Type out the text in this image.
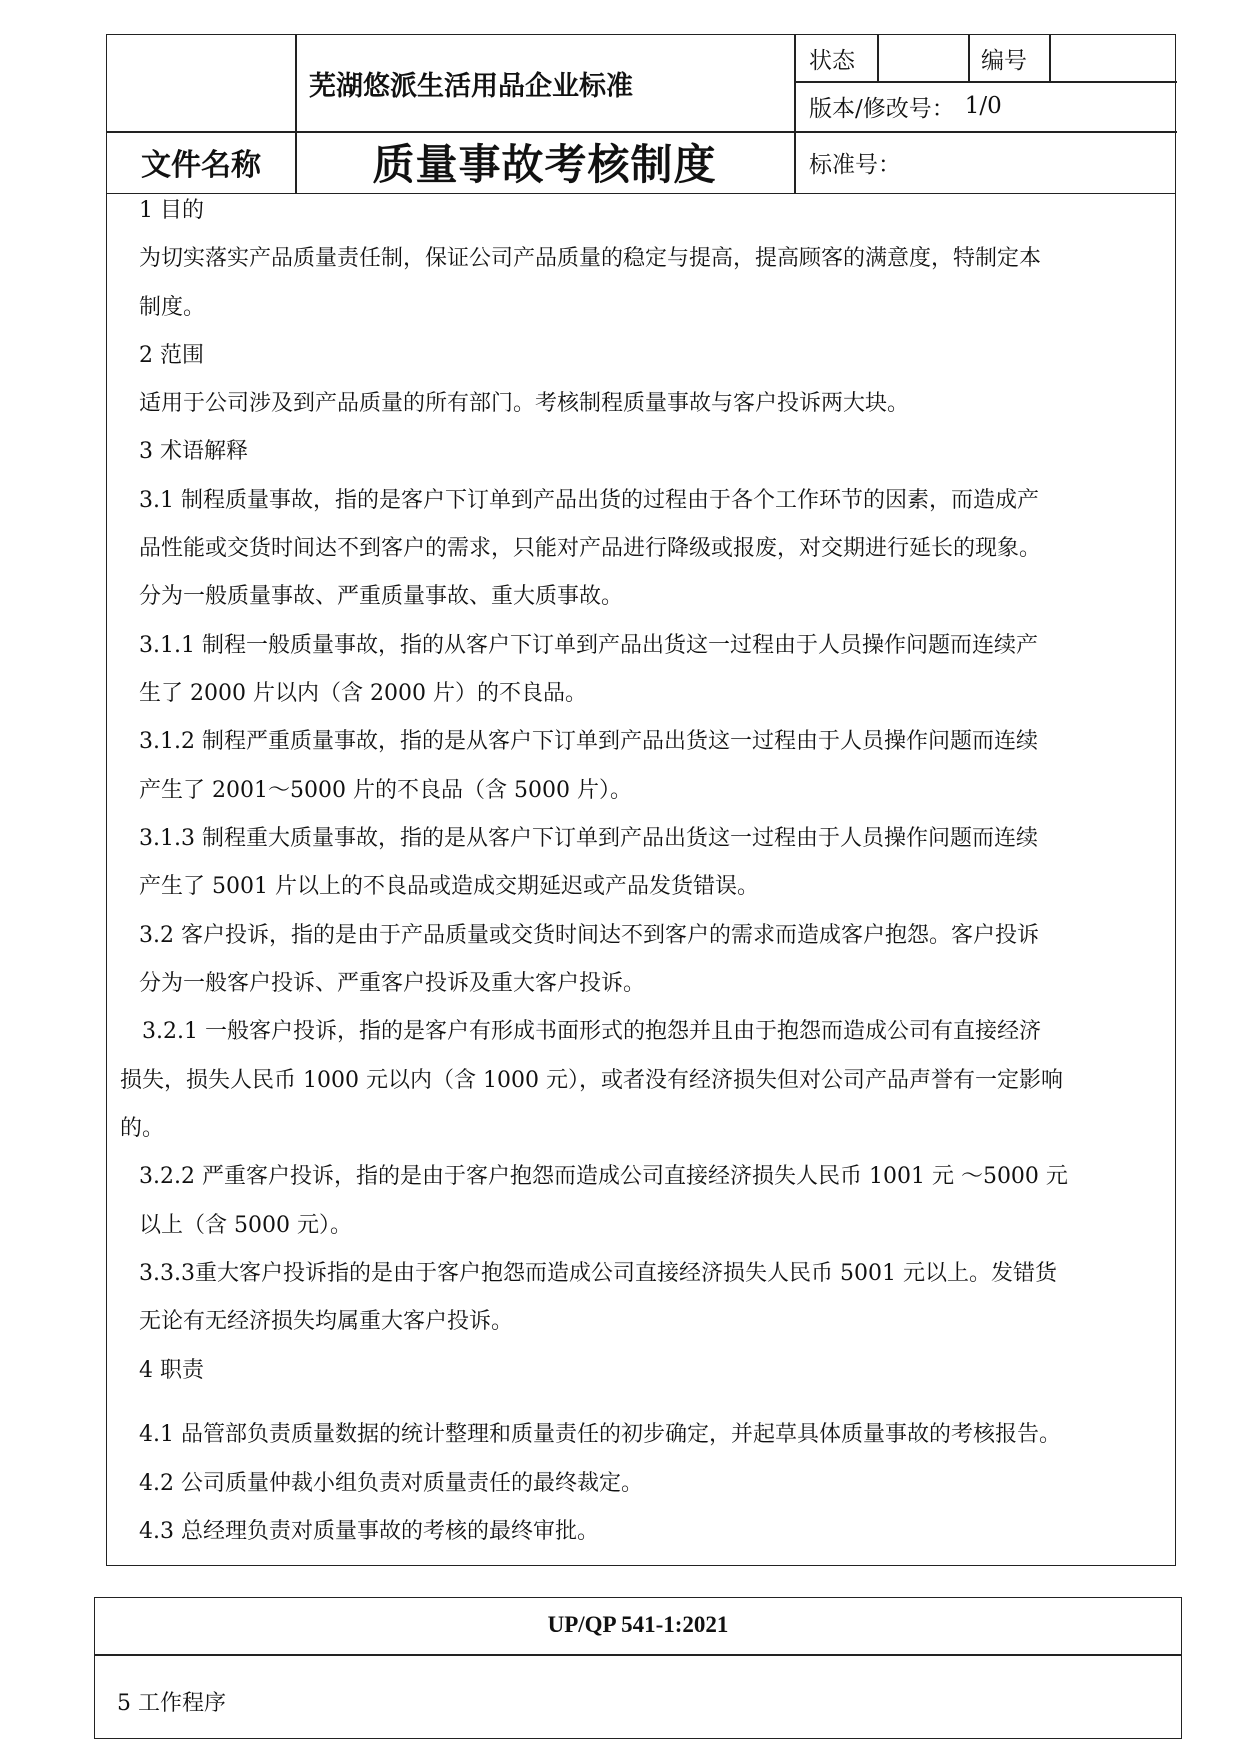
芜湖悠派生活用品企业标准
状态	编号
版本/修改号： 1/0
文件名称	质量事故考核制度	标准号：
1 目的
为切实落实产品质量责任制，保证公司产品质量的稳定与提高，提高顾客的满意度，特制定本
制度。
2 范围
适用于公司涉及到产品质量的所有部门。考核制程质量事故与客户投诉两大块。
3 术语解释
3.1 制程质量事故，指的是客户下订单到产品出货的过程由于各个工作环节的因素，而造成产
品性能或交货时间达不到客户的需求，只能对产品进行降级或报废，对交期进行延长的现象。
分为一般质量事故、严重质量事故、重大质事故。
3.1.1 制程一般质量事故，指的从客户下订单到产品出货这一过程由于人员操作问题而连续产
生了 2000 片以内（含 2000 片）的不良品。
3.1.2 制程严重质量事故，指的是从客户下订单到产品出货这一过程由于人员操作问题而连续
产生了 2001～5000 片的不良品（含 5000 片）。
3.1.3 制程重大质量事故，指的是从客户下订单到产品出货这一过程由于人员操作问题而连续
产生了 5001 片以上的不良品或造成交期延迟或产品发货错误。
3.2 客户投诉，指的是由于产品质量或交货时间达不到客户的需求而造成客户抱怨。客户投诉
分为一般客户投诉、严重客户投诉及重大客户投诉。
3.2.1 一般客户投诉，指的是客户有形成书面形式的抱怨并且由于抱怨而造成公司有直接经济
损失，损失人民币 1000 元以内（含 1000 元），或者没有经济损失但对公司产品声誉有一定影响
的。
3.2.2 严重客户投诉，指的是由于客户抱怨而造成公司直接经济损失人民币 1001 元 ～5000 元
以上（含 5000 元）。
3.3.3重大客户投诉指的是由于客户抱怨而造成公司直接经济损失人民币 5001 元以上。发错货
无论有无经济损失均属重大客户投诉。
4 职责
4.1 品管部负责质量数据的统计整理和质量责任的初步确定，并起草具体质量事故的考核报告。
4.2 公司质量仲裁小组负责对质量责任的最终裁定。
4.3 总经理负责对质量事故的考核的最终审批。
UP/QP 541-1:2021
5 工作程序
